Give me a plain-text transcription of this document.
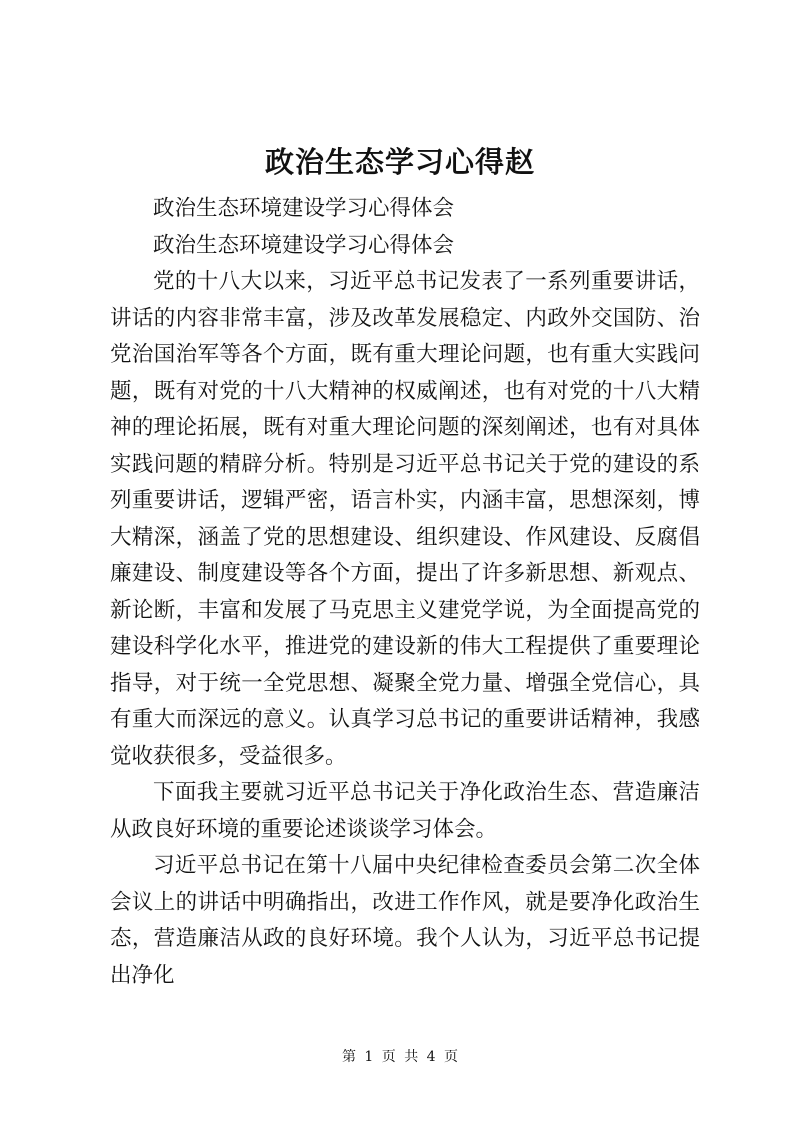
政治生态学习心得赵

政治生态环境建设学习心得体会

政治生态环境建设学习心得体会

党的十八大以来，习近平总书记发表了一系列重要讲话，讲话的内容非常丰富，涉及改革发展稳定、内政外交国防、治党治国治军等各个方面，既有重大理论问题，也有重大实践问题，既有对党的十八大精神的权威阐述，也有对党的十八大精神的理论拓展，既有对重大理论问题的深刻阐述，也有对具体实践问题的精辟分析。特别是习近平总书记关于党的建设的系列重要讲话，逻辑严密，语言朴实，内涵丰富，思想深刻，博大精深，涵盖了党的思想建设、组织建设、作风建设、反腐倡廉建设、制度建设等各个方面，提出了许多新思想、新观点、新论断，丰富和发展了马克思主义建党学说，为全面提高党的建设科学化水平，推进党的建设新的伟大工程提供了重要理论指导，对于统一全党思想、凝聚全党力量、增强全党信心，具有重大而深远的意义。认真学习总书记的重要讲话精神，我感觉收获很多，受益很多。

下面我主要就习近平总书记关于净化政治生态、营造廉洁从政良好环境的重要论述谈谈学习体会。

习近平总书记在第十八届中央纪律检查委员会第二次全体会议上的讲话中明确指出，改进工作作风，就是要净化政治生态，营造廉洁从政的良好环境。我个人认为，习近平总书记提出净化

第 1 页 共 4 页
